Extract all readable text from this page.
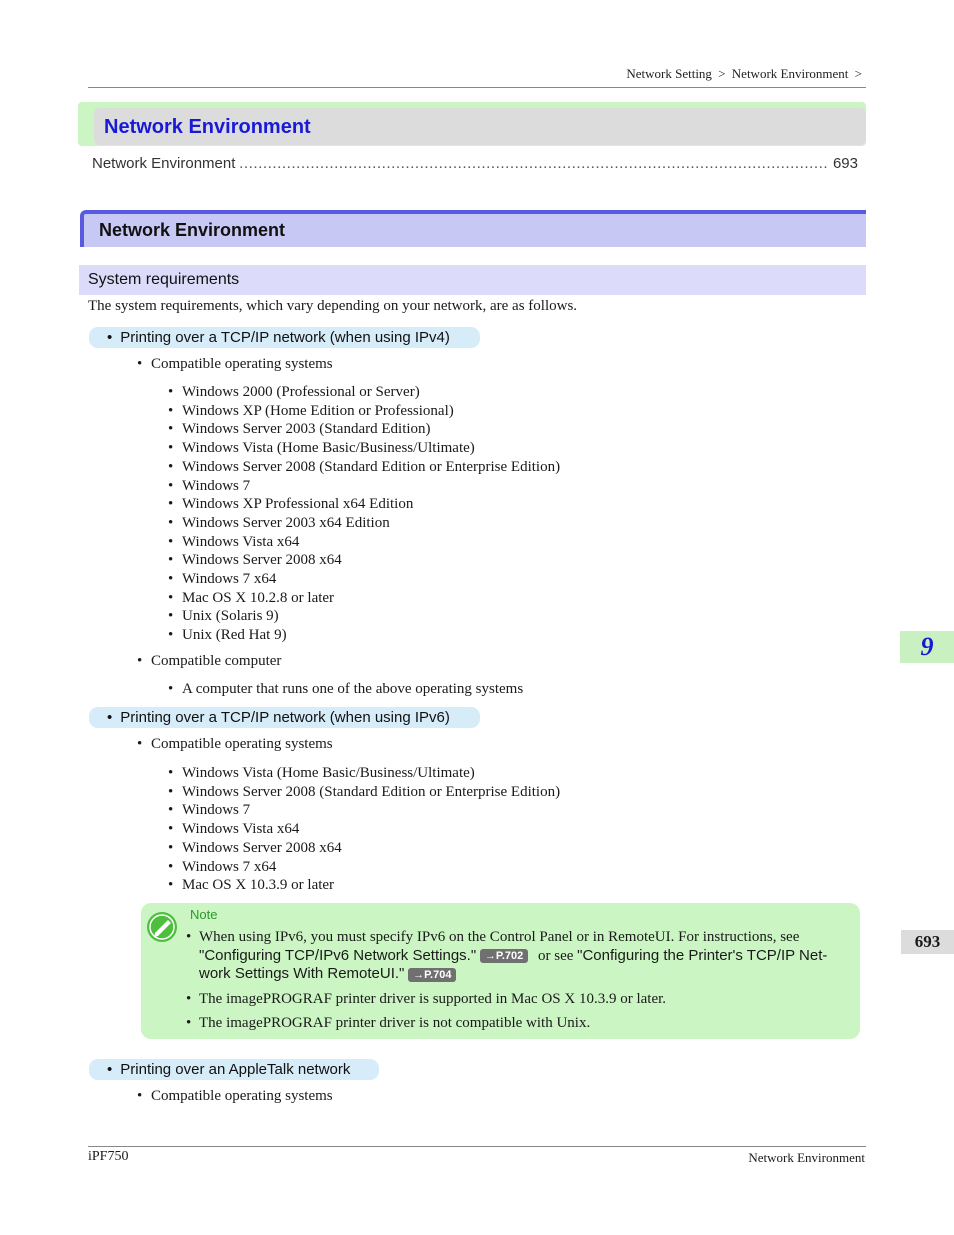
Network Setting > Network Environment >
Network Environment
Network Environment
.....	693
Network Environment
System requirements
The system requirements, which vary depending on your network, are as follows.
• Printing over a TCP/IP network (when using IPv4)
• Compatible operating systems
• Windows 2000 (Professional or Server)
• Windows XP (Home Edition or Professional)
• Windows Server 2003 (Standard Edition)
• Windows Vista (Home Basic/Business/Ultimate)
• Windows Server 2008 (Standard Edition or Enterprise Edition)
• Windows 7
• Windows XP Professional x64 Edition
• Windows Server 2003 x64 Edition
• Windows Vista x64
• Windows Server 2008 x64
• Windows 7 x64
• Mac OS X 10.2.8 or later
• Unix (Solaris 9)
• Unix (Red Hat 9)
• Compatible computer
• A computer that runs one of the above operating systems
• Printing over a TCP/IP network (when using IPv6)
• Compatible operating systems
• Windows Vista (Home Basic/Business/Ultimate)
• Windows Server 2008 (Standard Edition or Enterprise Edition)
• Windows 7
• Windows Vista x64
• Windows Server 2008 x64
• Windows 7 x64
• Mac OS X 10.3.9 or later
Note
• When using IPv6, you must specify IPv6 on the Control Panel or in RemoteUI. For instructions, see
"Configuring TCP/IPv6 Network Settings." →P.702 or see "Configuring the Printer's TCP/IP Net-
work Settings With RemoteUI." →P.704
• The imagePROGRAF printer driver is supported in Mac OS X 10.3.9 or later.
• The imagePROGRAF printer driver is not compatible with Unix.
• Printing over an AppleTalk network
• Compatible operating systems
9
693
iPF750	Network Environment
